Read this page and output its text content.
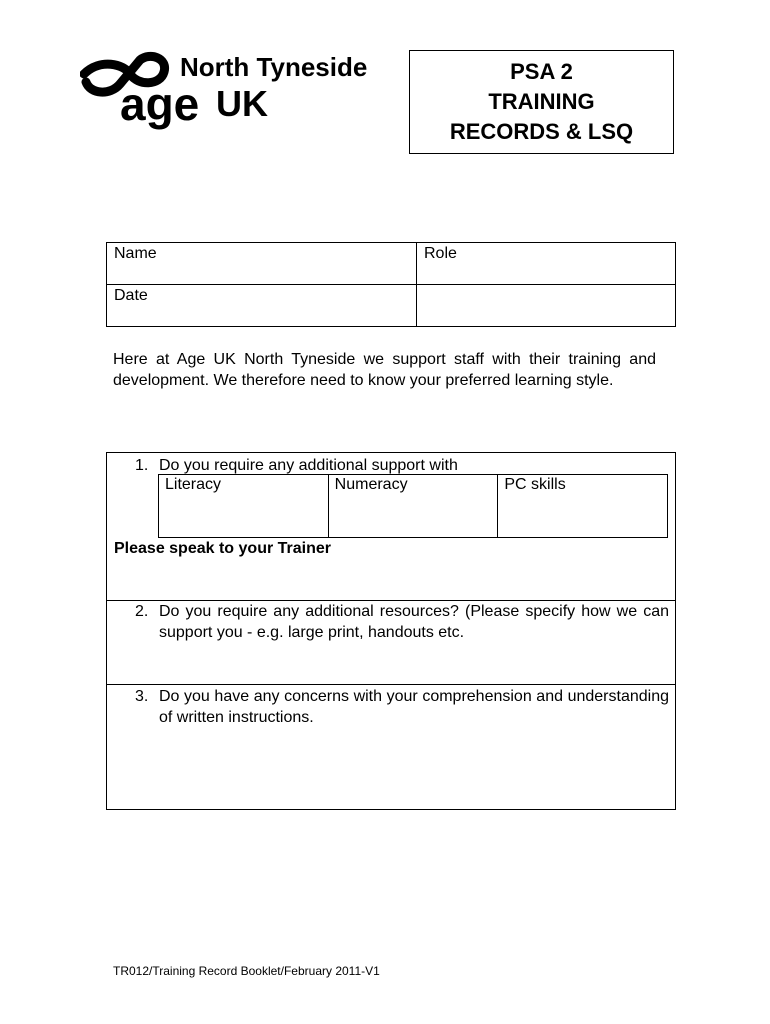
North Tyneside
age UK
PSA 2
TRAINING
RECORDS & LSQ
Name	Role
Date	
Here at Age UK North Tyneside we support staff with their training and development. We therefore need to know your preferred learning style.
1. Do you require any additional support with
Literacy	Numeracy	PC skills
Please speak to your Trainer
2. Do you require any additional resources? (Please specify how we can support you - e.g. large print, handouts etc.
3. Do you have any concerns with your comprehension and understanding of written instructions.
TR012/Training Record Booklet/February 2011-V1
